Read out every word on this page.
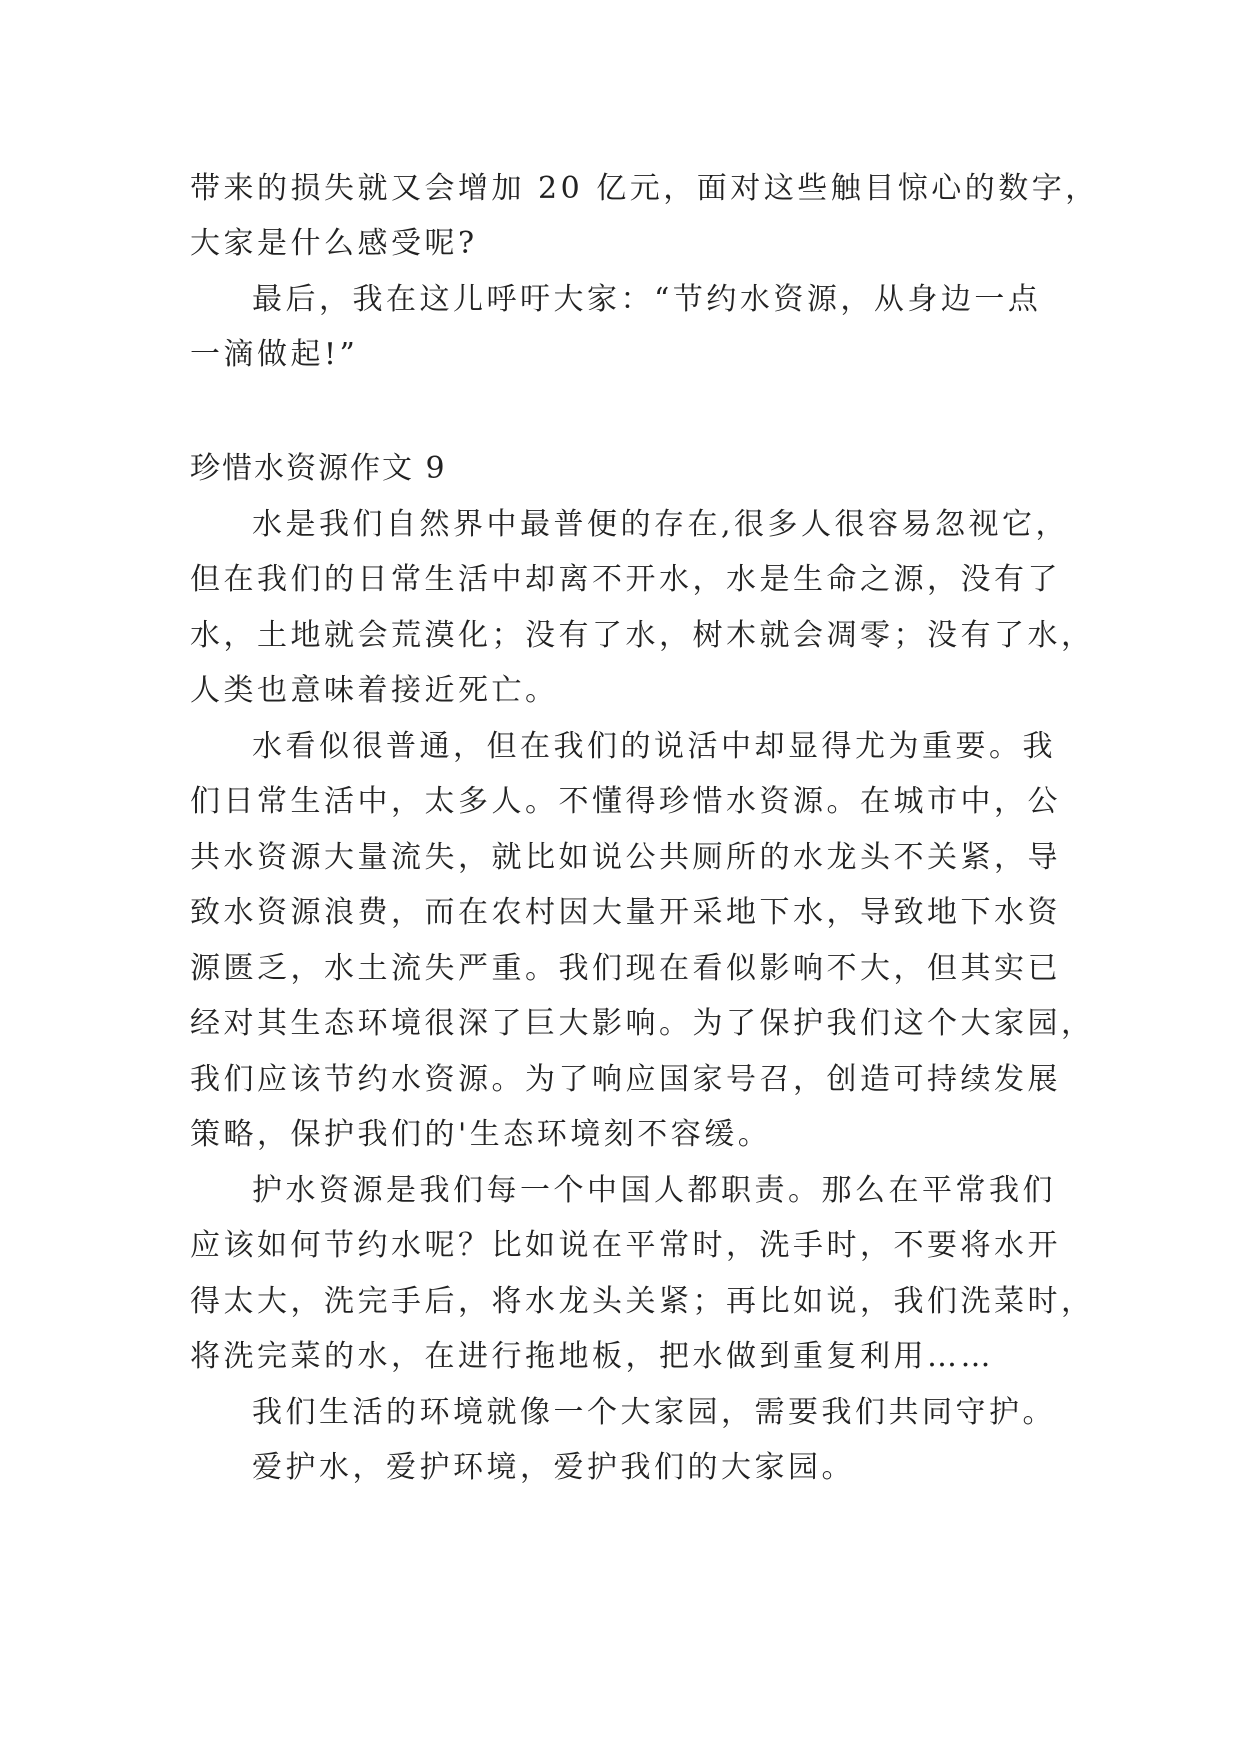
带来的损失就又会增加 20 亿元，面对这些触目惊心的数字，
大家是什么感受呢?
最后，我在这儿呼吁大家：“节约水资源，从身边一点
一滴做起!”
珍惜水资源作文 9
水是我们自然界中最普便的存在,很多人很容易忽视它，
但在我们的日常生活中却离不开水，水是生命之源，没有了
水，土地就会荒漠化；没有了水，树木就会凋零；没有了水，
人类也意味着接近死亡。
水看似很普通，但在我们的说活中却显得尤为重要。我
们日常生活中，太多人。不懂得珍惜水资源。在城市中，公
共水资源大量流失，就比如说公共厕所的水龙头不关紧，导
致水资源浪费，而在农村因大量开采地下水，导致地下水资
源匮乏，水土流失严重。我们现在看似影响不大，但其实已
经对其生态环境很深了巨大影响。为了保护我们这个大家园，
我们应该节约水资源。为了响应国家号召，创造可持续发展
策略，保护我们的'生态环境刻不容缓。
护水资源是我们每一个中国人都职责。那么在平常我们
应该如何节约水呢？比如说在平常时，洗手时，不要将水开
得太大，洗完手后，将水龙头关紧；再比如说，我们洗菜时，
将洗完菜的水，在进行拖地板，把水做到重复利用……
我们生活的环境就像一个大家园，需要我们共同守护。
爱护水，爱护环境，爱护我们的大家园。
